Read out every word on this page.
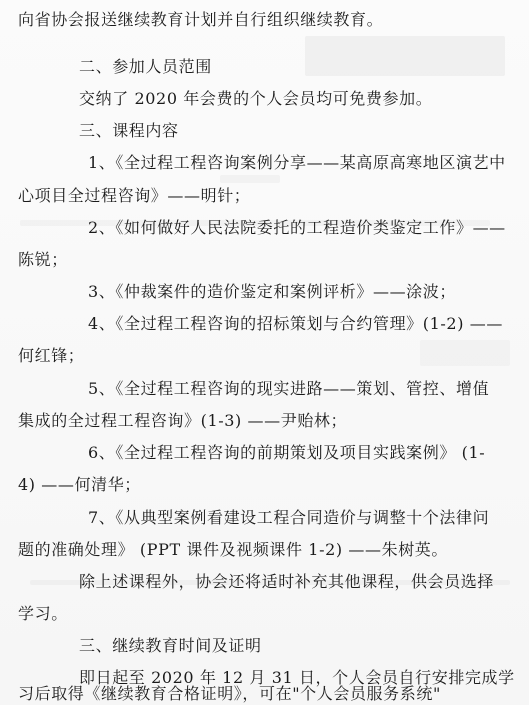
向省协会报送继续教育计划并自行组织继续教育。
二、参加人员范围
交纳了 2020 年会费的个人会员均可免费参加。
三、课程内容
1、《全过程工程咨询案例分享——某高原高寒地区演艺中
心项目全过程咨询》——明针；
2、《如何做好人民法院委托的工程造价类鉴定工作》——
陈锐；
3、《仲裁案件的造价鉴定和案例评析》——涂波；
4、《全过程工程咨询的招标策划与合约管理》(1-2) ——
何红锋；
5、《全过程工程咨询的现实进路——策划、管控、增值
集成的全过程工程咨询》(1-3) ——尹贻林；
6、《全过程工程咨询的前期策划及项目实践案例》 (1-
4) ——何清华；
7、《从典型案例看建设工程合同造价与调整十个法律问
题的准确处理》 (PPT 课件及视频课件 1-2) ——朱树英。
除上述课程外，协会还将适时补充其他课程，供会员选择
学习。
三、继续教育时间及证明
即日起至 2020 年 12 月 31 日，个人会员自行安排完成学
习后取得《继续教育合格证明》，可在"个人会员服务系统"
